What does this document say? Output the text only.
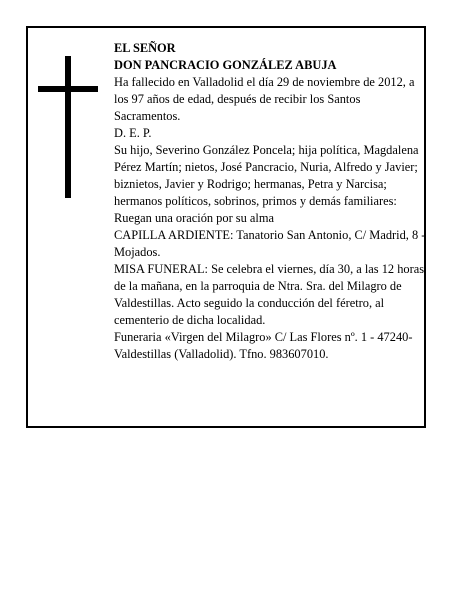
EL SEÑOR

DON PANCRACIO GONZÁLEZ ABUJA

Ha fallecido en Valladolid el día 29 de noviembre de 2012, a los 97 años de edad, después de recibir los Santos Sacramentos.

D. E. P.

Su hijo, Severino González Poncela; hija política, Magdalena Pérez Martín; nietos, José Pancracio, Nuria, Alfredo y Javier; biznietos, Javier y Rodrigo; hermanas, Petra y Narcisa; hermanos políticos, sobrinos, primos y demás familiares:

Ruegan una oración por su alma

CAPILLA ARDIENTE: Tanatorio San Antonio, C/ Madrid, 8 - Mojados.

MISA FUNERAL: Se celebra el viernes, día 30, a las 12 horas de la mañana, en la parroquia de Ntra. Sra. del Milagro de Valdestillas. Acto seguido la conducción del féretro, al cementerio de dicha localidad.

Funeraria «Virgen del Milagro» C/ Las Flores nº. 1 - 47240-Valdestillas (Valladolid). Tfno. 983607010.
